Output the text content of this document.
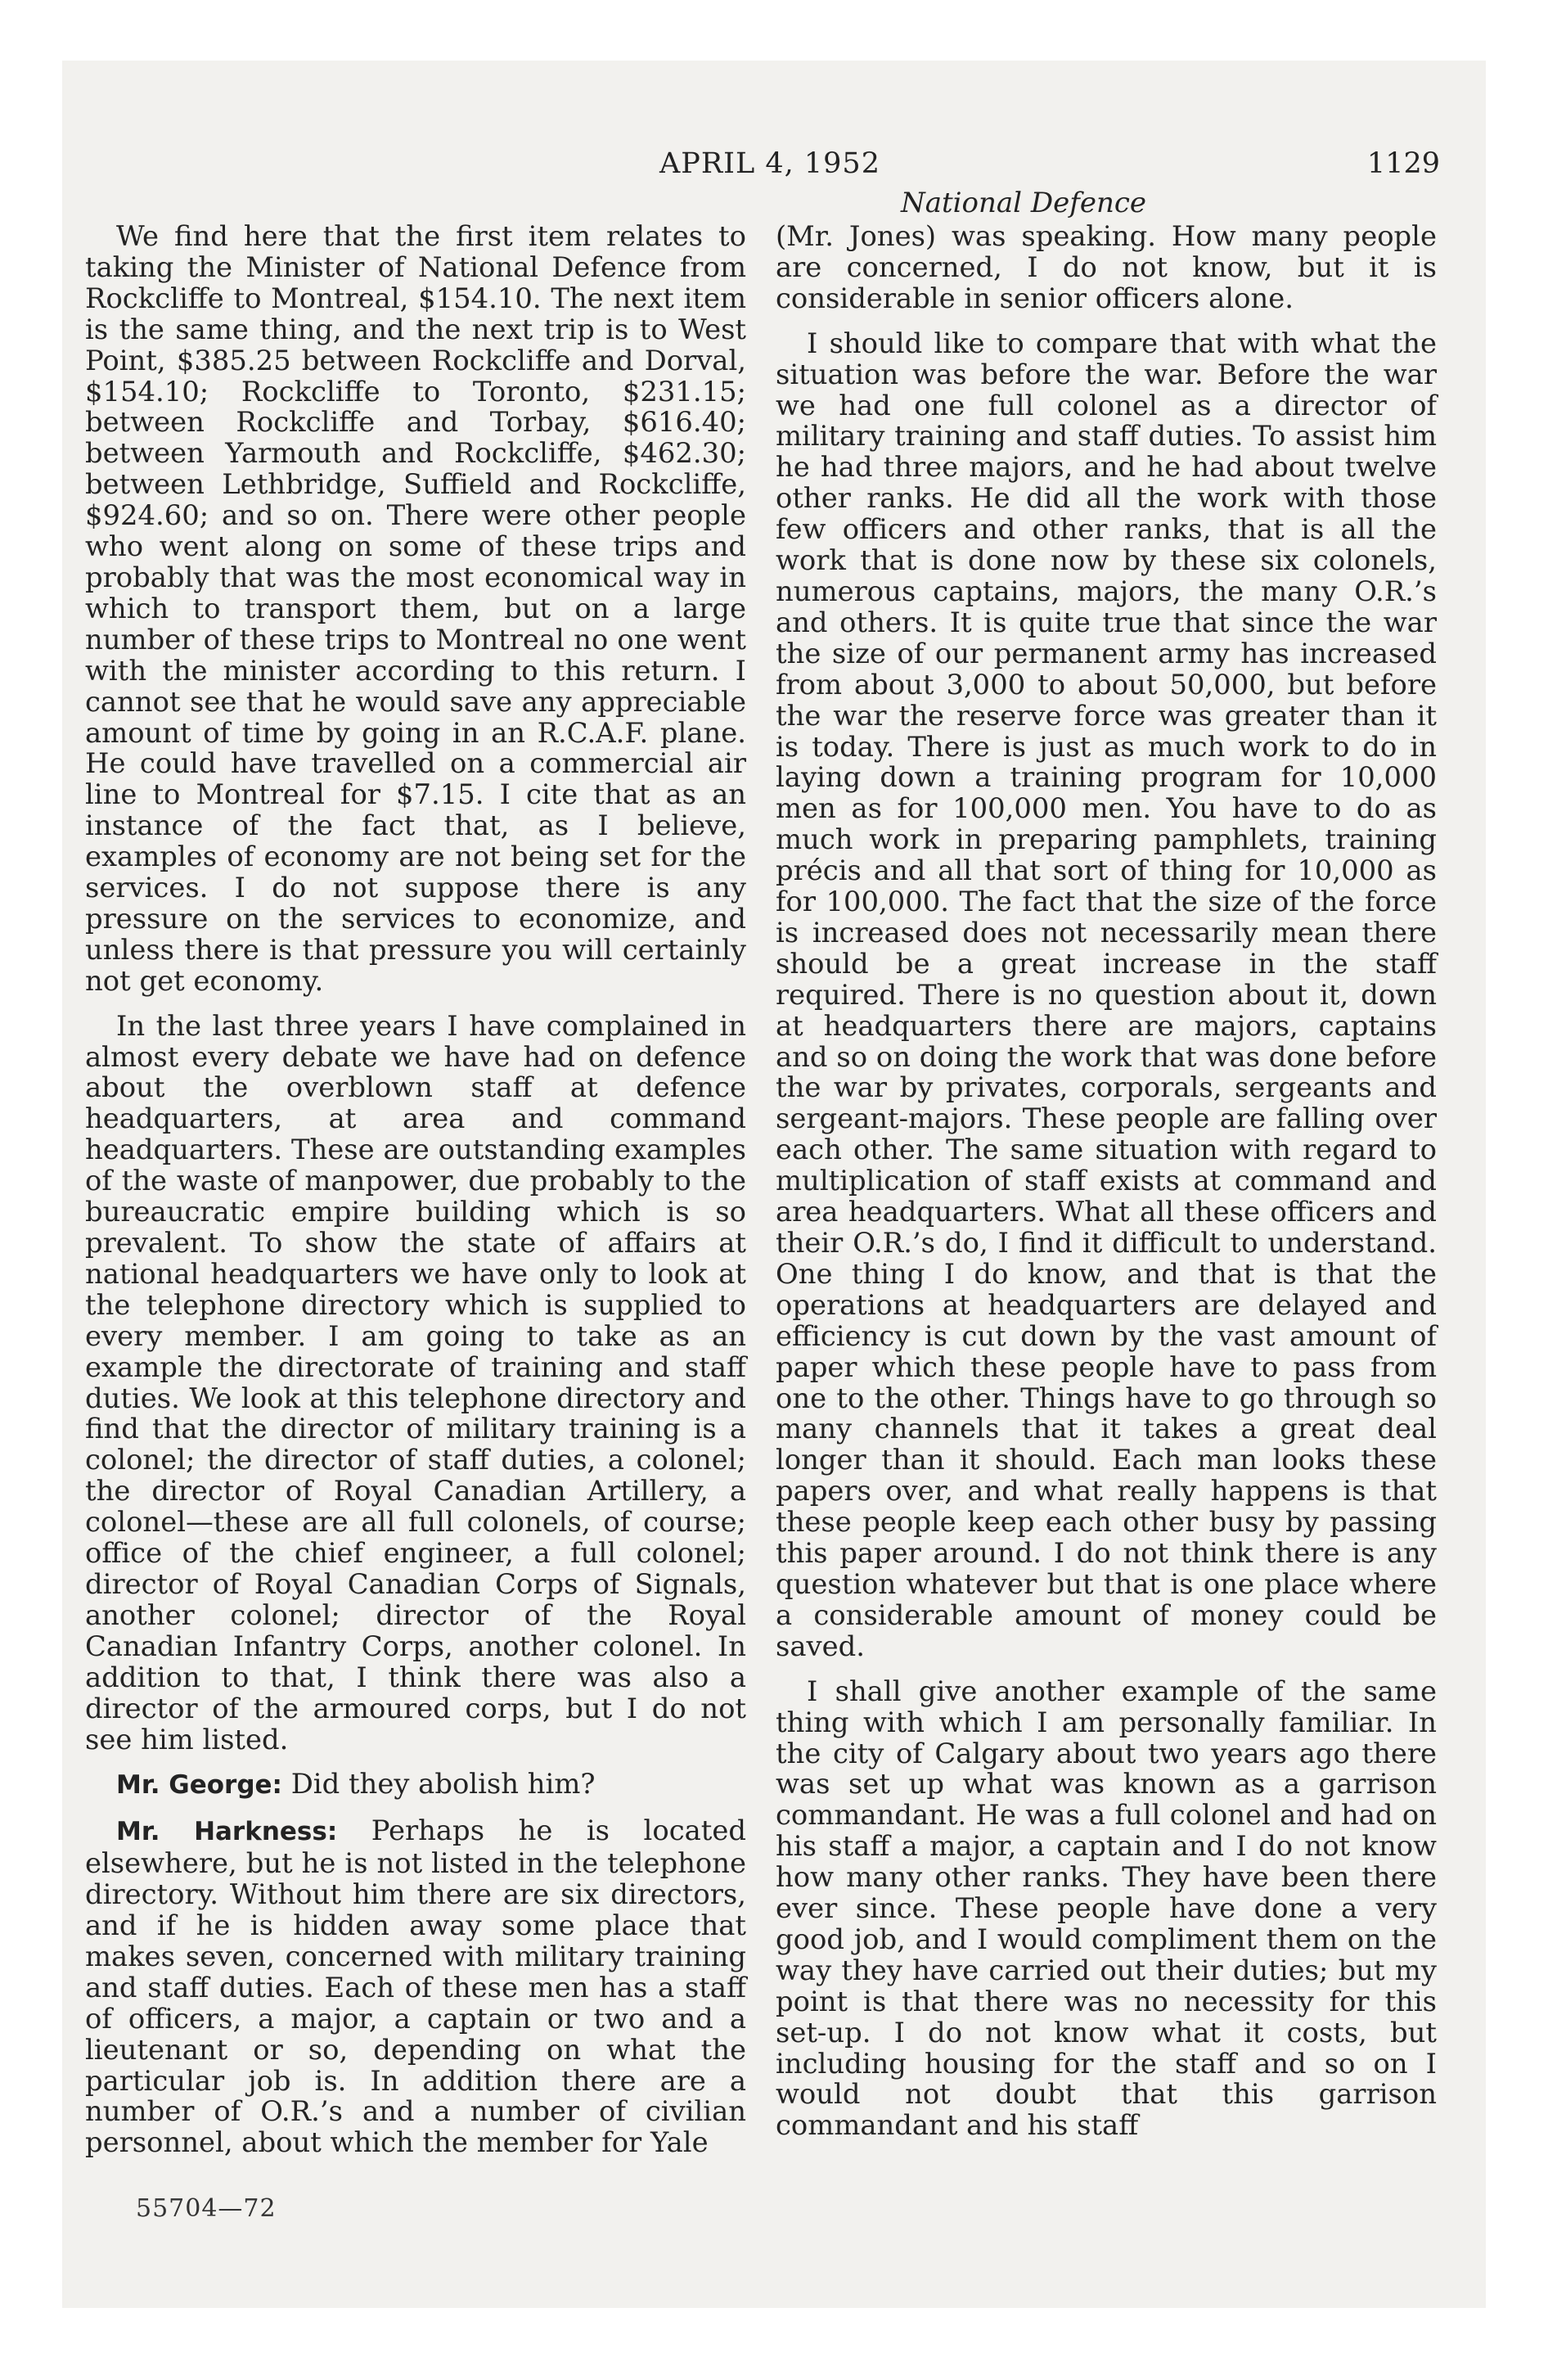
APRIL 4, 1952	1129
National Defence

We find here that the first item relates to taking the Minister of National Defence from Rockcliffe to Montreal, $154.10. The next item is the same thing, and the next trip is to West Point, $385.25 between Rockcliffe and Dorval, $154.10; Rockcliffe to Toronto, $231.15; between Rockcliffe and Torbay, $616.40; between Yarmouth and Rockcliffe, $462.30; between Lethbridge, Suffield and Rockcliffe, $924.60; and so on. There were other people who went along on some of these trips and probably that was the most economical way in which to transport them, but on a large number of these trips to Montreal no one went with the minister according to this return. I cannot see that he would save any appreciable amount of time by going in an R.C.A.F. plane. He could have travelled on a commercial air line to Montreal for $7.15. I cite that as an instance of the fact that, as I believe, examples of economy are not being set for the services. I do not suppose there is any pressure on the services to economize, and unless there is that pressure you will certainly not get economy.

In the last three years I have complained in almost every debate we have had on defence about the overblown staff at defence headquarters, at area and command headquarters. These are outstanding examples of the waste of manpower, due probably to the bureaucratic empire building which is so prevalent. To show the state of affairs at national headquarters we have only to look at the telephone directory which is supplied to every member. I am going to take as an example the directorate of training and staff duties. We look at this telephone directory and find that the director of military training is a colonel; the director of staff duties, a colonel; the director of Royal Canadian Artillery, a colonel—these are all full colonels, of course; office of the chief engineer, a full colonel; director of Royal Canadian Corps of Signals, another colonel; director of the Royal Canadian Infantry Corps, another colonel. In addition to that, I think there was also a director of the armoured corps, but I do not see him listed.

Mr. George: Did they abolish him?

Mr. Harkness: Perhaps he is located elsewhere, but he is not listed in the telephone directory. Without him there are six directors, and if he is hidden away some place that makes seven, concerned with military training and staff duties. Each of these men has a staff of officers, a major, a captain or two and a lieutenant or so, depending on what the particular job is. In addition there are a number of O.R.’s and a number of civilian personnel, about which the member for Yale

(Mr. Jones) was speaking. How many people are concerned, I do not know, but it is considerable in senior officers alone.

I should like to compare that with what the situation was before the war. Before the war we had one full colonel as a director of military training and staff duties. To assist him he had three majors, and he had about twelve other ranks. He did all the work with those few officers and other ranks, that is all the work that is done now by these six colonels, numerous captains, majors, the many O.R.’s and others. It is quite true that since the war the size of our permanent army has increased from about 3,000 to about 50,000, but before the war the reserve force was greater than it is today. There is just as much work to do in laying down a training program for 10,000 men as for 100,000 men. You have to do as much work in preparing pamphlets, training précis and all that sort of thing for 10,000 as for 100,000. The fact that the size of the force is increased does not necessarily mean there should be a great increase in the staff required. There is no question about it, down at headquarters there are majors, captains and so on doing the work that was done before the war by privates, corporals, sergeants and sergeant-majors. These people are falling over each other. The same situation with regard to multiplication of staff exists at command and area headquarters. What all these officers and their O.R.’s do, I find it difficult to understand. One thing I do know, and that is that the operations at headquarters are delayed and efficiency is cut down by the vast amount of paper which these people have to pass from one to the other. Things have to go through so many channels that it takes a great deal longer than it should. Each man looks these papers over, and what really happens is that these people keep each other busy by passing this paper around. I do not think there is any question whatever but that is one place where a considerable amount of money could be saved.

I shall give another example of the same thing with which I am personally familiar. In the city of Calgary about two years ago there was set up what was known as a garrison commandant. He was a full colonel and had on his staff a major, a captain and I do not know how many other ranks. They have been there ever since. These people have done a very good job, and I would compliment them on the way they have carried out their duties; but my point is that there was no necessity for this set-up. I do not know what it costs, but including housing for the staff and so on I would not doubt that this garrison commandant and his staff

55704—72
